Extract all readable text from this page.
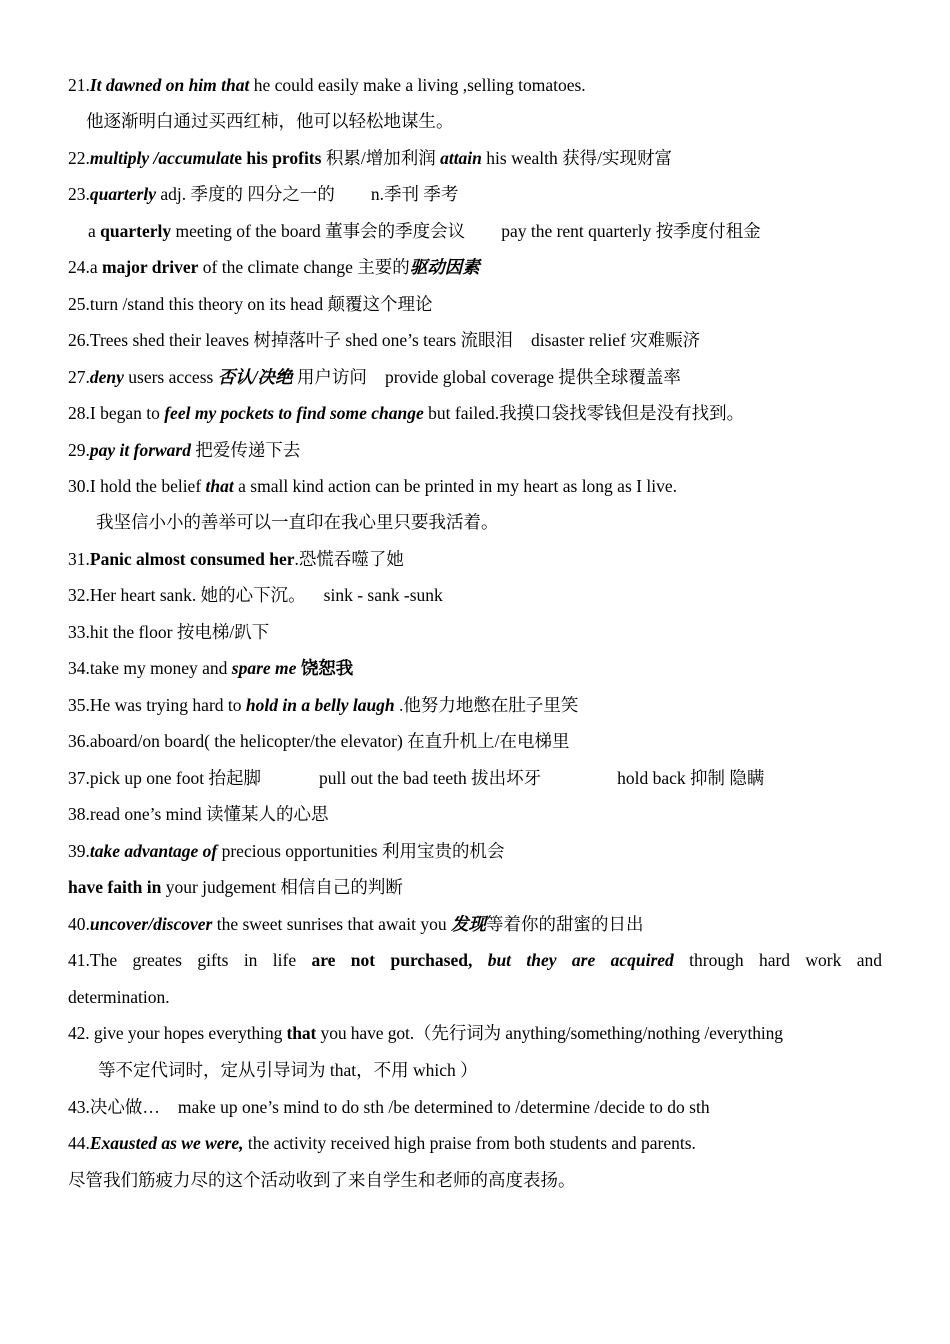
21.It dawned on him that he could easily make a living ,selling tomatoes.
他逐渐明白通过买西红柿，他可以轻松地谋生。
22.multiply /accumulate his profits 积累/增加利润 attain his wealth 获得/实现财富
23.quarterly adj. 季度的 四分之一的 n.季刊 季考
a quarterly meeting of the board 董事会的季度会议 pay the rent quarterly 按季度付租金
24.a major driver of the climate change 主要的驱动因素
25.turn /stand this theory on its head 颠覆这个理论
26.Trees shed their leaves 树掉落叶子 shed one’s tears 流眼泪 disaster relief 灾难赈济
27.deny users access 否认/决绝 用户访问 provide global coverage 提供全球覆盖率
28.I began to feel my pockets to find some change but failed.我摸口袋找零钱但是没有找到。
29.pay it forward 把爱传递下去
30.I hold the belief that a small kind action can be printed in my heart as long as I live.
我坚信小小的善举可以一直印在我心里只要我活着。
31.Panic almost consumed her.恐慌吞噬了她
32.Her heart sank. 她的心下沉。 sink - sank -sunk
33.hit the floor 按电梯/趴下
34.take my money and spare me 饶恕我
35.He was trying hard to hold in a belly laugh .他努力地憋在肚子里笑
36.aboard/on board( the helicopter/the elevator) 在直升机上/在电梯里
37.pick up one foot 抬起脚	pull out the bad teeth 拔出坏牙	hold back 抑制 隐瞒
38.read one’s mind 读懂某人的心思
39.take advantage of precious opportunities 利用宝贵的机会
have faith in your judgement 相信自己的判断
40.uncover/discover the sweet sunrises that await you 发现等着你的甜蜜的日出
41.The greates gifts in life are not purchased, but they are acquired through hard work and
determination.
42. give your hopes everything that you have got.（先行词为 anything/something/nothing /everything
等不定代词时，定从引导词为 that，不用 which ）
43.决心做… make up one’s mind to do sth /be determined to /determine /decide to do sth
44.Exausted as we were, the activity received high praise from both students and parents.
尽管我们筋疲力尽的这个活动收到了来自学生和老师的高度表扬。
